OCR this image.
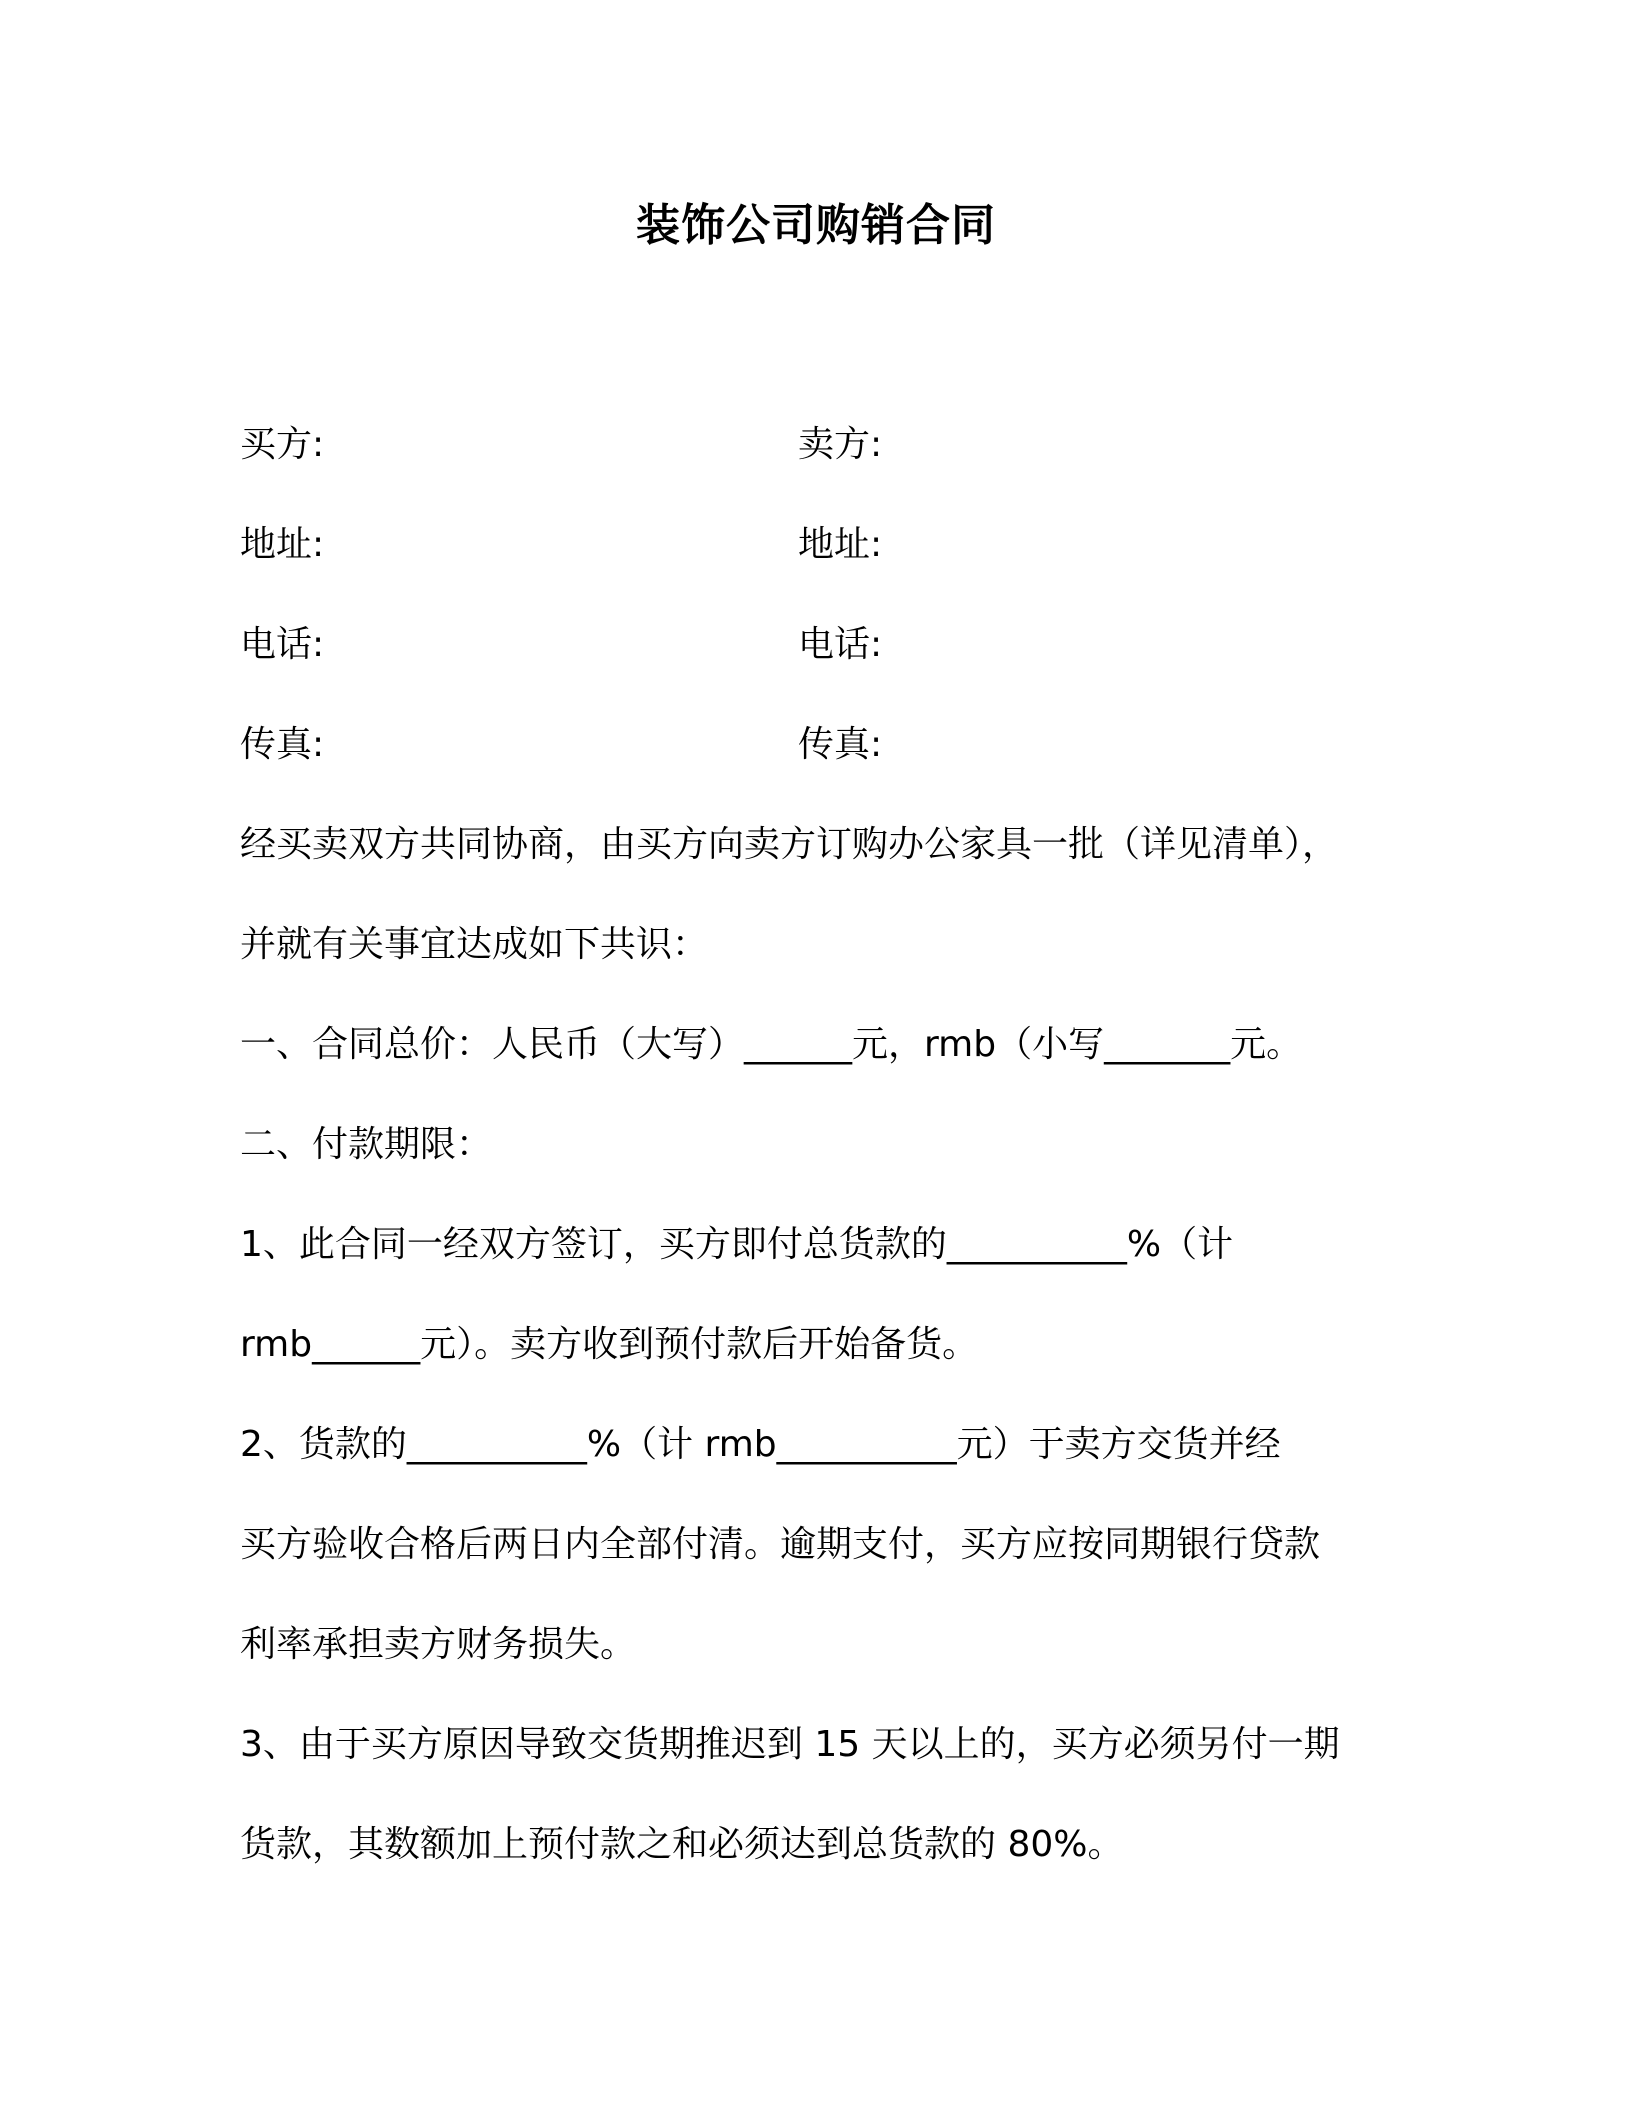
装饰公司购销合同
买方:	卖方:
地址:	地址:
电话:	电话:
传真:	传真:
经买卖双方共同协商，由买方向卖方订购办公家具一批（详见清单），
并就有关事宜达成如下共识：
一、合同总价：人民币（大写）______元，rmb（小写_______元。
二、付款期限：
1、此合同一经双方签订，买方即付总货款的__________%（计
rmb______元）。卖方收到预付款后开始备货。
2、货款的__________%（计 rmb__________元）于卖方交货并经
买方验收合格后两日内全部付清。逾期支付，买方应按同期银行贷款
利率承担卖方财务损失。
3、由于买方原因导致交货期推迟到 15 天以上的，买方必须另付一期
货款，其数额加上预付款之和必须达到总货款的 80%。
